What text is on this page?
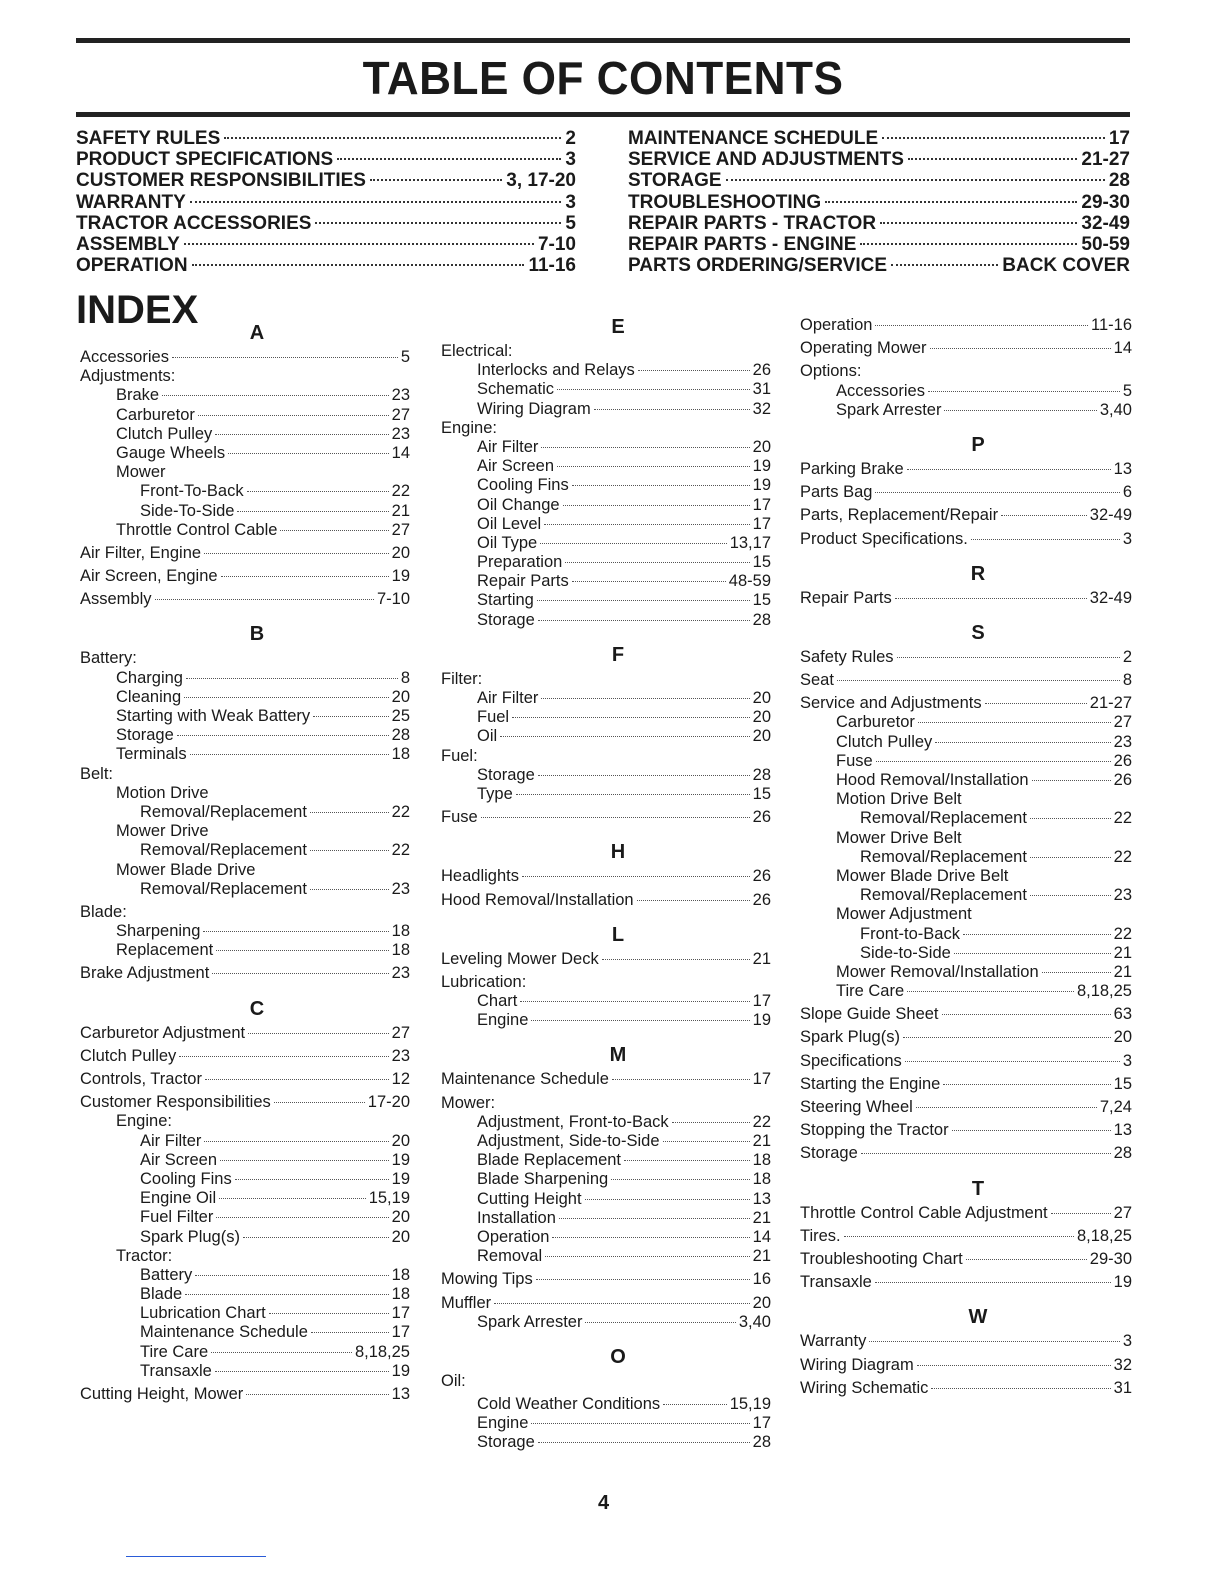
TABLE OF CONTENTS
SAFETY RULES	2
PRODUCT SPECIFICATIONS	3
CUSTOMER RESPONSIBILITIES	3, 17-20
WARRANTY	3
TRACTOR ACCESSORIES	5
ASSEMBLY	7-10
OPERATION	11-16
MAINTENANCE SCHEDULE	17
SERVICE AND ADJUSTMENTS	21-27
STORAGE	28
TROUBLESHOOTING	29-30
REPAIR PARTS - TRACTOR	32-49
REPAIR PARTS - ENGINE	50-59
PARTS ORDERING/SERVICE	BACK COVER
INDEX
A
Accessories	5
Adjustments:
Brake	23
Carburetor	27
Clutch Pulley	23
Gauge Wheels	14
Mower
Front-To-Back	22
Side-To-Side	21
Throttle Control Cable	27
Air Filter, Engine	20
Air Screen, Engine	19
Assembly	7-10
B
Battery:
Charging	8
Cleaning	20
Starting with Weak Battery	25
Storage	28
Terminals	18
Belt:
Motion Drive
Removal/Replacement	22
Mower Drive
Removal/Replacement	22
Mower Blade Drive
Removal/Replacement	23
Blade:
Sharpening	18
Replacement	18
Brake Adjustment	23
C
Carburetor Adjustment	27
Clutch Pulley	23
Controls, Tractor	12
Customer Responsibilities	17-20
Engine:
Air Filter	20
Air Screen	19
Cooling Fins	19
Engine Oil	15,19
Fuel Filter	20
Spark Plug(s)	20
Tractor:
Battery	18
Blade	18
Lubrication Chart	17
Maintenance Schedule	17
Tire Care	8,18,25
Transaxle	19
Cutting Height, Mower	13
E
Electrical:
Interlocks and Relays	26
Schematic	31
Wiring Diagram	32
Engine:
Air Filter	20
Air Screen	19
Cooling Fins	19
Oil Change	17
Oil Level	17
Oil Type	13,17
Preparation	15
Repair Parts	48-59
Starting	15
Storage	28
F
Filter:
Air Filter	20
Fuel	20
Oil	20
Fuel:
Storage	28
Type	15
Fuse	26
H
Headlights	26
Hood Removal/Installation	26
L
Leveling Mower Deck	21
Lubrication:
Chart	17
Engine	19
M
Maintenance Schedule	17
Mower:
Adjustment, Front-to-Back	22
Adjustment, Side-to-Side	21
Blade Replacement	18
Blade Sharpening	18
Cutting Height	13
Installation	21
Operation	14
Removal	21
Mowing Tips	16
Muffler	20
Spark Arrester	3,40
O
Oil:
Cold Weather Conditions	15,19
Engine	17
Storage	28
Operation	11-16
Operating Mower	14
Options:
Accessories	5
Spark Arrester	3,40
P
Parking Brake	13
Parts Bag	6
Parts, Replacement/Repair	32-49
Product Specifications.	3
R
Repair Parts	32-49
S
Safety Rules	2
Seat	8
Service and Adjustments	21-27
Carburetor	27
Clutch Pulley	23
Fuse	26
Hood Removal/Installation	26
Motion Drive Belt
Removal/Replacement	22
Mower Drive Belt
Removal/Replacement	22
Mower Blade Drive Belt
Removal/Replacement	23
Mower Adjustment
Front-to-Back	22
Side-to-Side	21
Mower Removal/Installation	21
Tire Care	8,18,25
Slope Guide Sheet	63
Spark Plug(s)	20
Specifications	3
Starting the Engine	15
Steering Wheel	7,24
Stopping the Tractor	13
Storage	28
T
Throttle Control Cable Adjustment	27
Tires.	8,18,25
Troubleshooting Chart	29-30
Transaxle	19
W
Warranty	3
Wiring Diagram	32
Wiring Schematic	31
4
